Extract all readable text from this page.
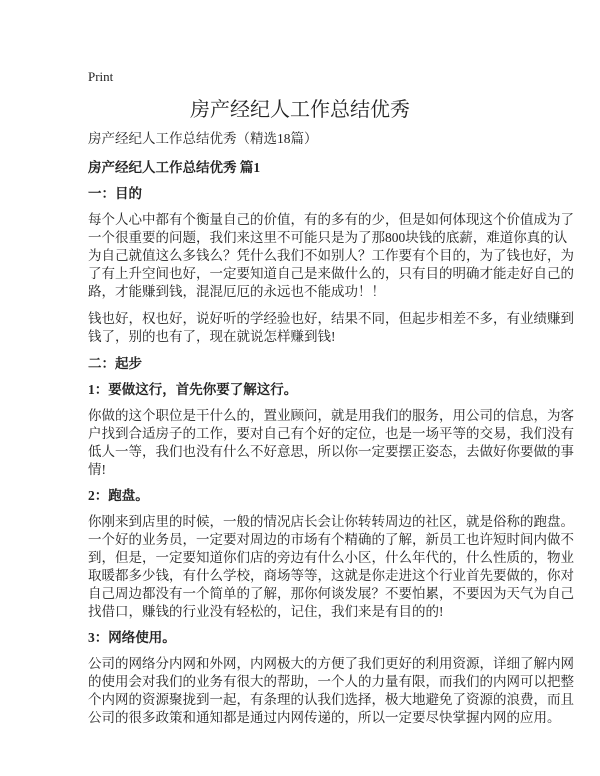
Print
房产经纪人工作总结优秀
房产经纪人工作总结优秀（精选18篇）
房产经纪人工作总结优秀 篇1
一：目的
每个人心中都有个衡量自己的价值，有的多有的少，但是如何体现这个价值成为了
一个很重要的问题，我们来这里不可能只是为了那800块钱的底薪，难道你真的认
为自己就值这么多钱么？凭什么我们不如别人？工作要有个目的，为了钱也好，为
了有上升空间也好，一定要知道自己是来做什么的，只有目的明确才能走好自己的
路，才能赚到钱，混混厄厄的永远也不能成功！！
钱也好，权也好，说好听的学经验也好，结果不同，但起步相差不多，有业绩赚到
钱了，别的也有了，现在就说怎样赚到钱!
二：起步
1：要做这行，首先你要了解这行。
你做的这个职位是干什么的，置业顾问，就是用我们的服务，用公司的信息，为客
户找到合适房子的工作，要对自己有个好的定位，也是一场平等的交易，我们没有
低人一等，我们也没有什么不好意思，所以你一定要摆正姿态，去做好你要做的事
情!
2：跑盘。
你刚来到店里的时候，一般的情况店长会让你转转周边的社区，就是俗称的跑盘。
一个好的业务员，一定要对周边的市场有个精确的了解，新员工也许短时间内做不
到，但是，一定要知道你们店的旁边有什么小区，什么年代的，什么性质的，物业
取暖都多少钱，有什么学校，商场等等，这就是你走进这个行业首先要做的，你对
自己周边都没有一个简单的了解，那你何谈发展？不要怕累，不要因为天气为自己
找借口，赚钱的行业没有轻松的，记住，我们来是有目的的!
3：网络使用。
公司的网络分内网和外网，内网极大的方便了我们更好的利用资源，详细了解内网
的使用会对我们的业务有很大的帮助，一个人的力量有限，而我们的内网可以把整
个内网的资源聚拢到一起，有条理的认我们选择，极大地避免了资源的浪费，而且
公司的很多政策和通知都是通过内网传递的，所以一定要尽快掌握内网的应用。
